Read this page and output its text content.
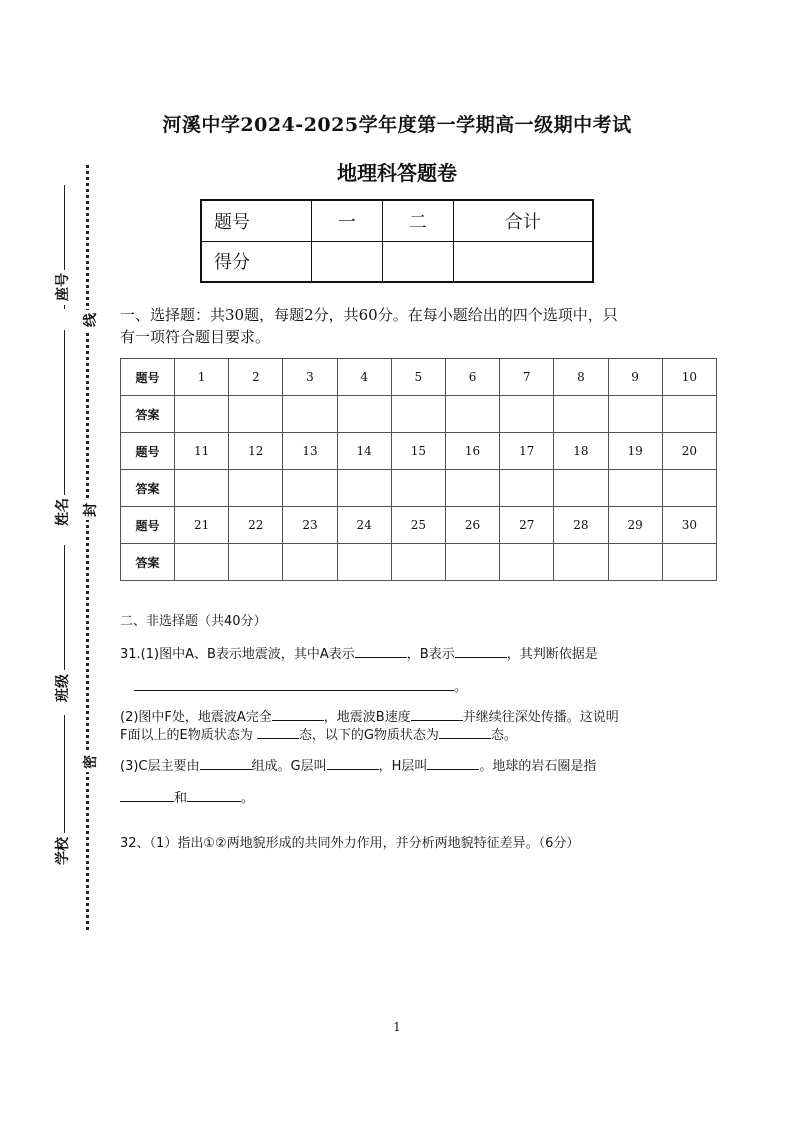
座号
姓名
班级
学校
线
封
密
河溪中学2024-2025学年度第一学期高一级期中考试
地理科答题卷
题号	一	二	合计
得分			
一、选择题：共30题，每题2分，共60分。在每小题给出的四个选项中，只
有一项符合题目要求。
题号	1	2	3	4	5	6	7	8	9	10
答案										
题号	11	12	13	14	15	16	17	18	19	20
答案										
题号	21	22	23	24	25	26	27	28	29	30
答案										
二、非选择题（共40分）
31.(1)图中A、B表示地震波，其中A表示	，B表示	，其判断依据是
。
(2)图中F处，地震波A完全	，地震波B速度	并继续往深处传播。这说明
F面以上的E物质状态为	态，以下的G物质状态为	态。
(3)C层主要由	组成。G层叫	，H层叫	。地球的岩石圈是指
和	。
32、（1）指出①②两地貌形成的共同外力作用，并分析两地貌特征差异。（6分）
1
